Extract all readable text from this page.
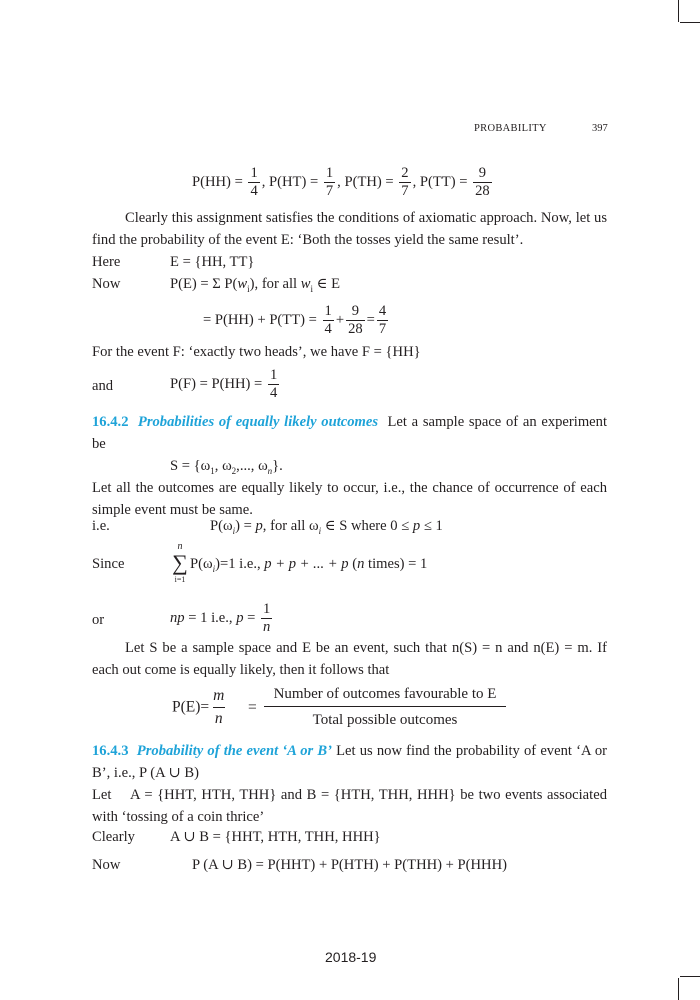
PROBABILITY	397
$P(HH) = \frac{1}{4}$ , $P(HT) = \frac{1}{7}$ , $P(TH) = \frac{2}{7}$ , $P(TT) = \frac{9}{28}$
Clearly this assignment satisfies the conditions of axiomatic approach. Now, let us find the probability of the event E: ‘Both the tosses yield the same result’.
Here	E = {HH, TT}
Now	P(E) = Σ $P(w_i)$, for all $w_i$ ∈ E
= $P(HH) + P(TT) = \frac{1}{4} + \frac{9}{28} = \frac{4}{7}$
For the event F: ‘exactly two heads’, we have F = {HH}
and	$P(F) = P(HH) = \frac{1}{4}$
16.4.2 Probabilities of equally likely outcomes Let a sample space of an experiment be
$S = \{\omega_1$, $\omega_2$,..., $\omega_n$}.
Let all the outcomes are equally likely to occur, i.e., the chance of occurrence of each simple event must be same.
i.e.	$P(\omega_i) = p$, for all $\omega_i$ ∈ S where 0 ≤ p ≤ 1
Since
n
∑
i=1
$P(\omega_i)=1$ i.e., p + p + ... + p (n times) = 1
or	np = 1 i.e., $p = \frac{1}{n}$
Let S be a sample space and E be an event, such that n(S) = n and n(E) = m. If each out come is equally likely, then it follows that
$P(E)= \frac{m}{n}$ =
Number of outcomes favourable to E
Total possible outcomes
16.4.3 Probability of the event ‘A or B’ Let us now find the probability of event ‘A or B’, i.e., P (A ∪ B)
Let	A = {HHT, HTH, THH} and B = {HTH, THH, HHH} be two events associated with ‘tossing of a coin thrice’
Clearly A ∪ B = {HHT, HTH, THH, HHH}
Now	P (A ∪ B) = P(HHT) + P(HTH) + P(THH) + P(HHH)
2018-19
